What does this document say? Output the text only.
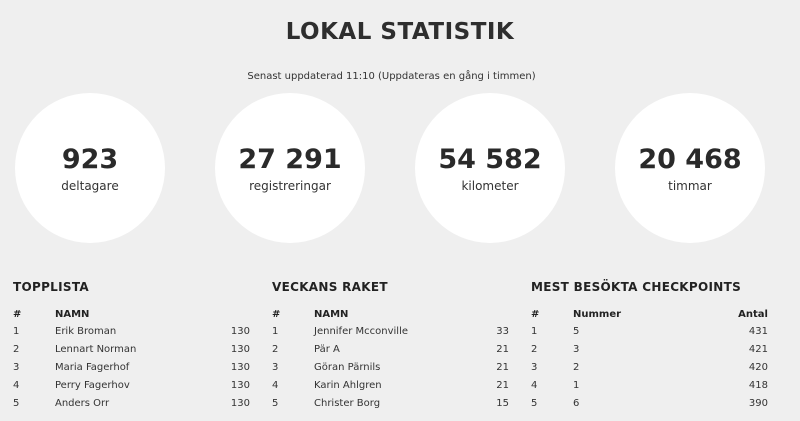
LOKAL STATISTIK
Senast uppdaterad 11:10 (Uppdateras en gång i timmen)
923
deltagare
27 291
registreringar
54 582
kilometer
20 468
timmar
TOPPLISTA
#	NAMN	
1	Erik Broman	130
2	Lennart Norman	130
3	Maria Fagerhof	130
4	Perry Fagerhov	130
5	Anders Orr	130
VECKANS RAKET
#	NAMN	
1	Jennifer Mcconville	33
2	Pär A	21
3	Göran Pärnils	21
4	Karin Ahlgren	21
5	Christer Borg	15
MEST BESÖKTA CHECKPOINTS
#	Nummer	Antal
1	5	431
2	3	421
3	2	420
4	1	418
5	6	390
